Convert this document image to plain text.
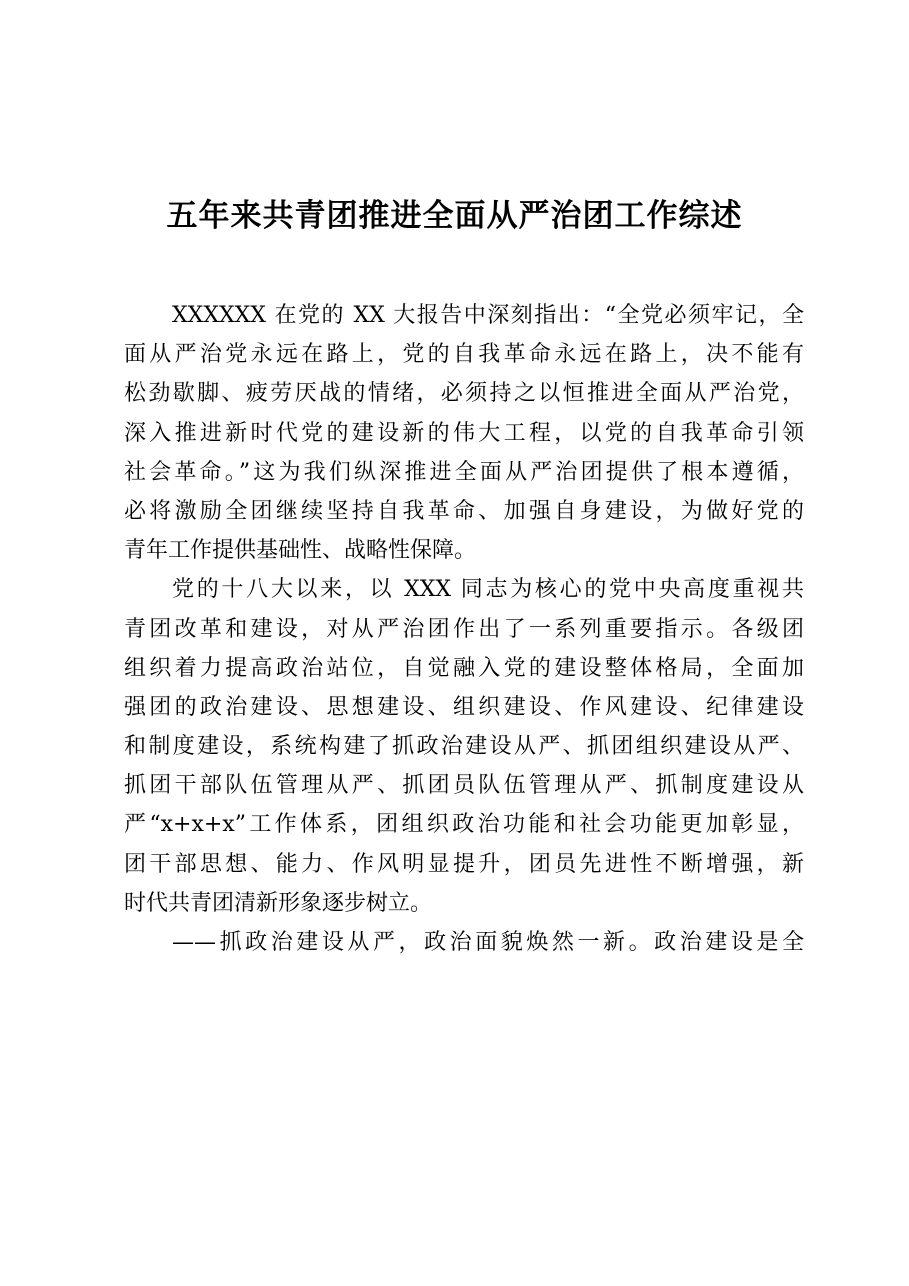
五年来共青团推进全面从严治团工作综述
XXXXXX 在党的 XX 大报告中深刻指出：“全党必须牢记，全
面从严治党永远在路上，党的自我革命永远在路上，决不能有
松劲歇脚、疲劳厌战的情绪，必须持之以恒推进全面从严治党，
深入推进新时代党的建设新的伟大工程，以党的自我革命引领
社会革命。”这为我们纵深推进全面从严治团提供了根本遵循，
必将激励全团继续坚持自我革命、加强自身建设，为做好党的
青年工作提供基础性、战略性保障。
党的十八大以来，以 XXX 同志为核心的党中央高度重视共
青团改革和建设，对从严治团作出了一系列重要指示。各级团
组织着力提高政治站位，自觉融入党的建设整体格局，全面加
强团的政治建设、思想建设、组织建设、作风建设、纪律建设
和制度建设，系统构建了抓政治建设从严、抓团组织建设从严、
抓团干部队伍管理从严、抓团员队伍管理从严、抓制度建设从
严“x+x+x”工作体系，团组织政治功能和社会功能更加彰显，
团干部思想、能力、作风明显提升，团员先进性不断增强，新
时代共青团清新形象逐步树立。
——抓政治建设从严，政治面貌焕然一新。政治建设是全
